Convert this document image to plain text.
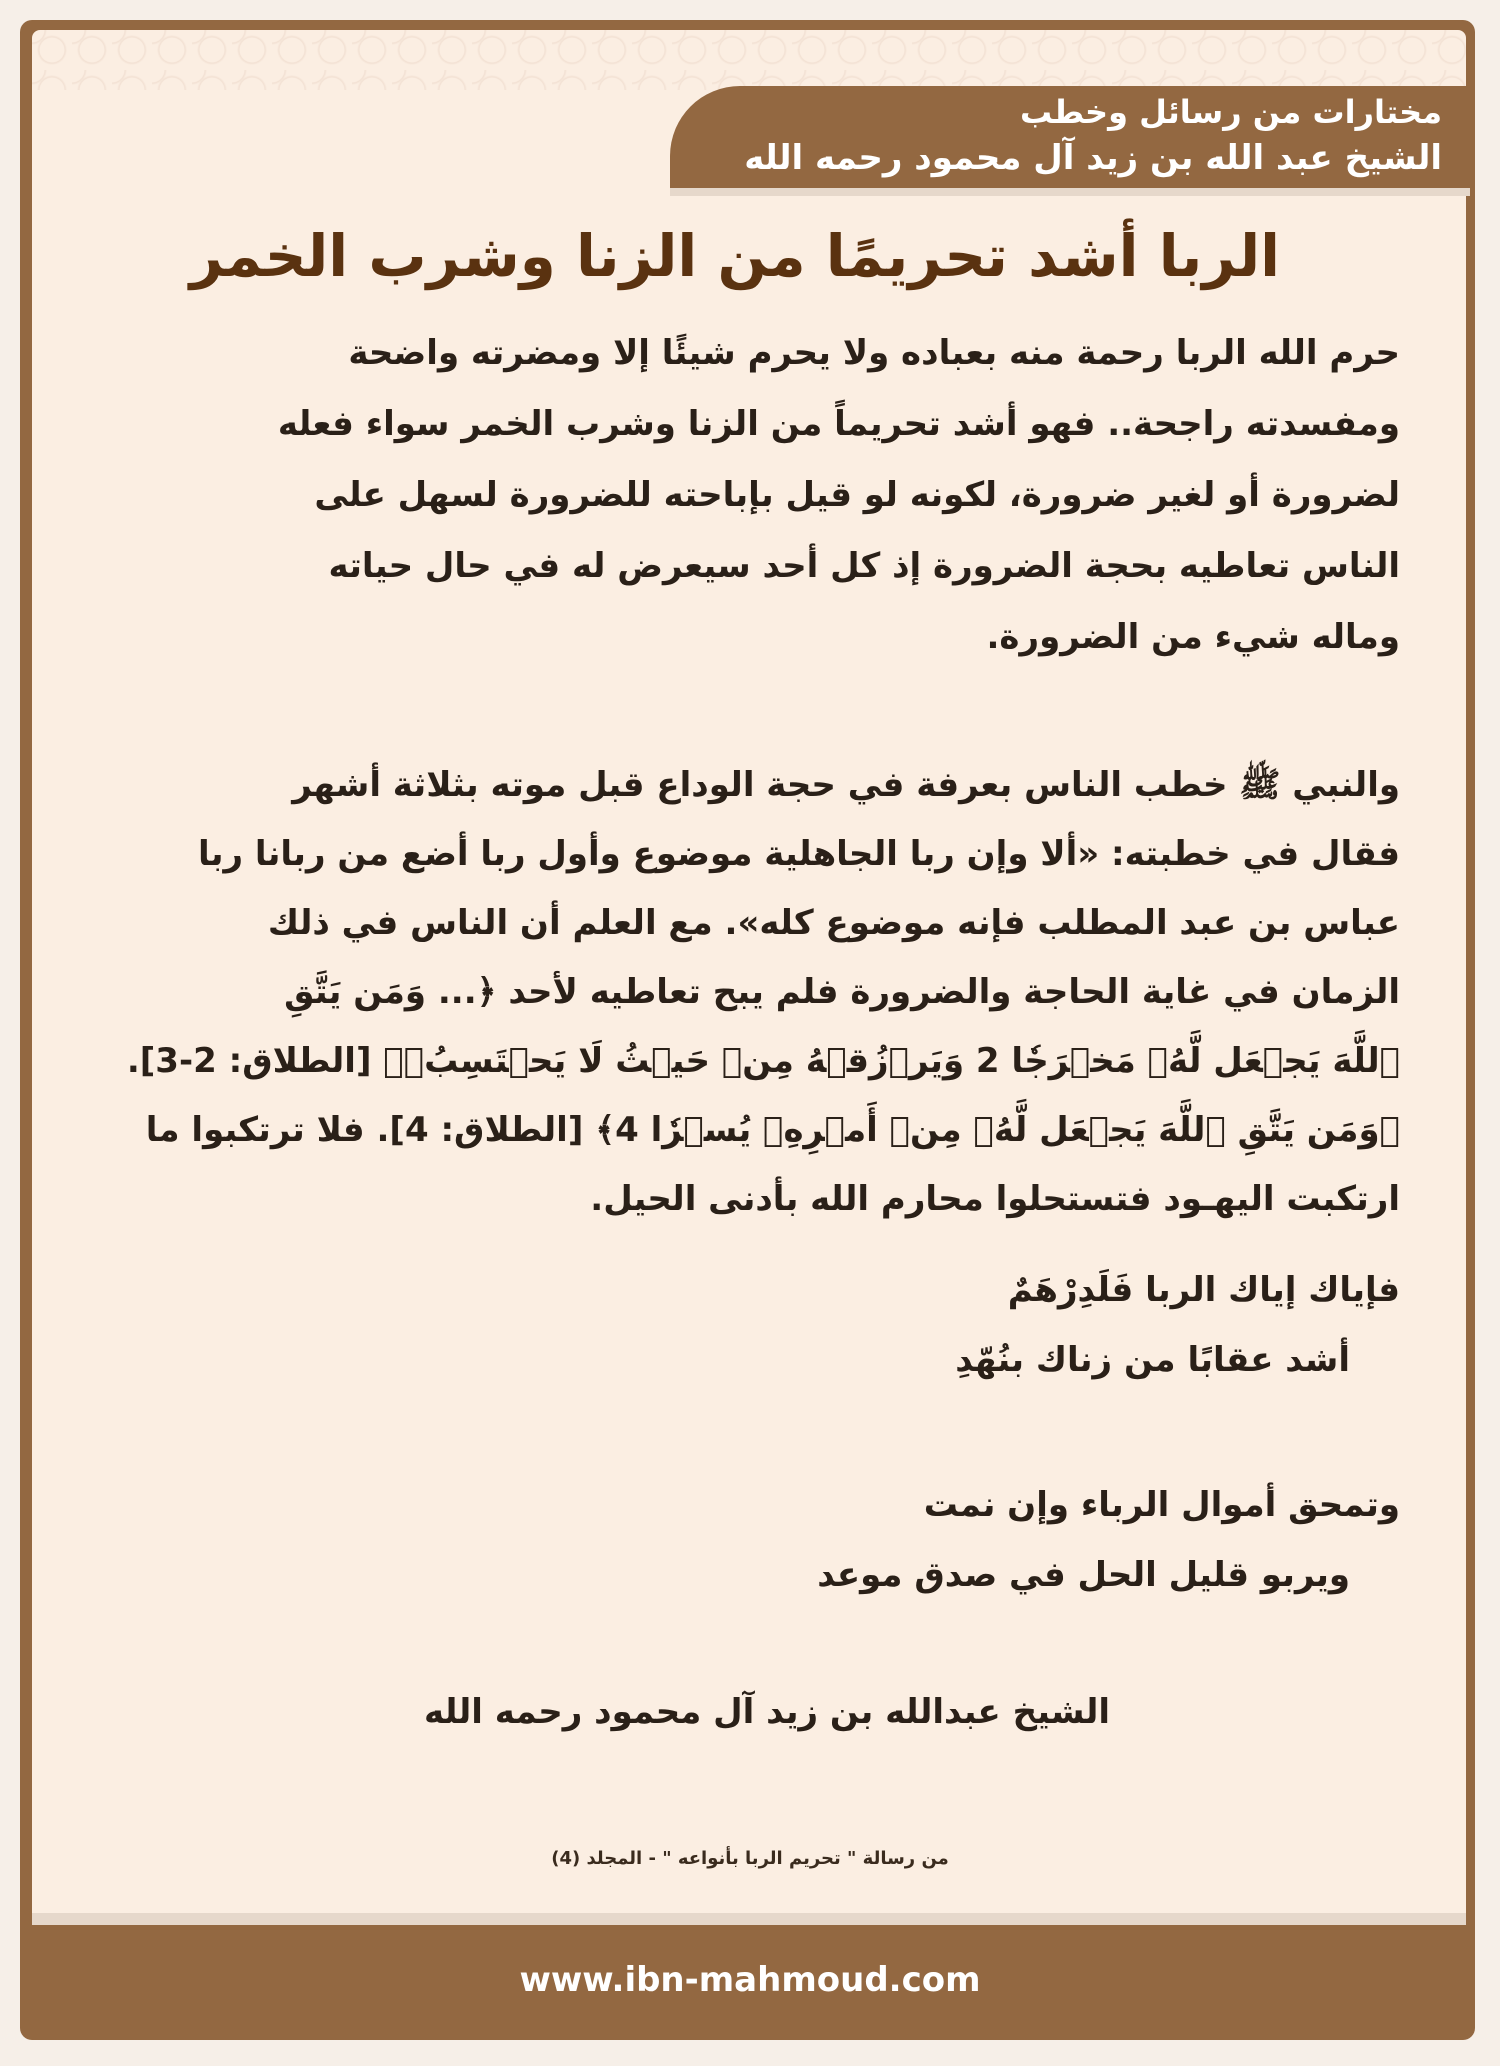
مختارات من رسائل وخطب
الشيخ عبد الله بن زيد آل محمود رحمه الله
الربا أشد تحريمًا من الزنا وشرب الخمر
حرم الله الربا رحمة منه بعباده ولا يحرم شيئًا إلا ومضرته واضحة
ومفسدته راجحة.. فهو أشد تحريماً من الزنا وشرب الخمر سواء فعله
لضرورة أو لغير ضرورة، لكونه لو قيل بإباحته للضرورة لسهل على
الناس تعاطيه بحجة الضرورة إذ كل أحد سيعرض له في حال حياته
وماله شيء من الضرورة.
والنبي ﷺ خطب الناس بعرفة في حجة الوداع قبل موته بثلاثة أشهر
فقال في خطبته: «ألا وإن ربا الجاهلية موضوع وأول ربا أضع من ربانا ربا
عباس بن عبد المطلب فإنه موضوع كله». مع العلم أن الناس في ذلك
الزمان في غاية الحاجة والضرورة فلم يبح تعاطيه لأحد ﴿... وَمَن يَتَّقِ
ٱللَّهَ يَجۡعَل لَّهُۥ مَخۡرَجٗا 2 وَيَرۡزُقۡهُ مِنۡ حَيۡثُ لَا يَحۡتَسِبُۚ﴾ [الطلاق: 2-3].
﴿وَمَن يَتَّقِ ٱللَّهَ يَجۡعَل لَّهُۥ مِنۡ أَمۡرِهِۦ يُسۡرٗا 4﴾ [الطلاق: 4]. فلا ترتكبوا ما
ارتكبت اليهـود فتستحلوا محارم الله بأدنى الحيل.
فإياك إياك الربا فَلَدِرْهَمٌ
أشد عقابًا من زناك بنُهّدِ
وتمحق أموال الرباء وإن نمت
ويربو قليل الحل في صدق موعد
الشيخ عبدالله بن زيد آل محمود رحمه الله
من رسالة " تحريم الربا بأنواعه " - المجلد (4)
www.ibn-mahmoud.com
